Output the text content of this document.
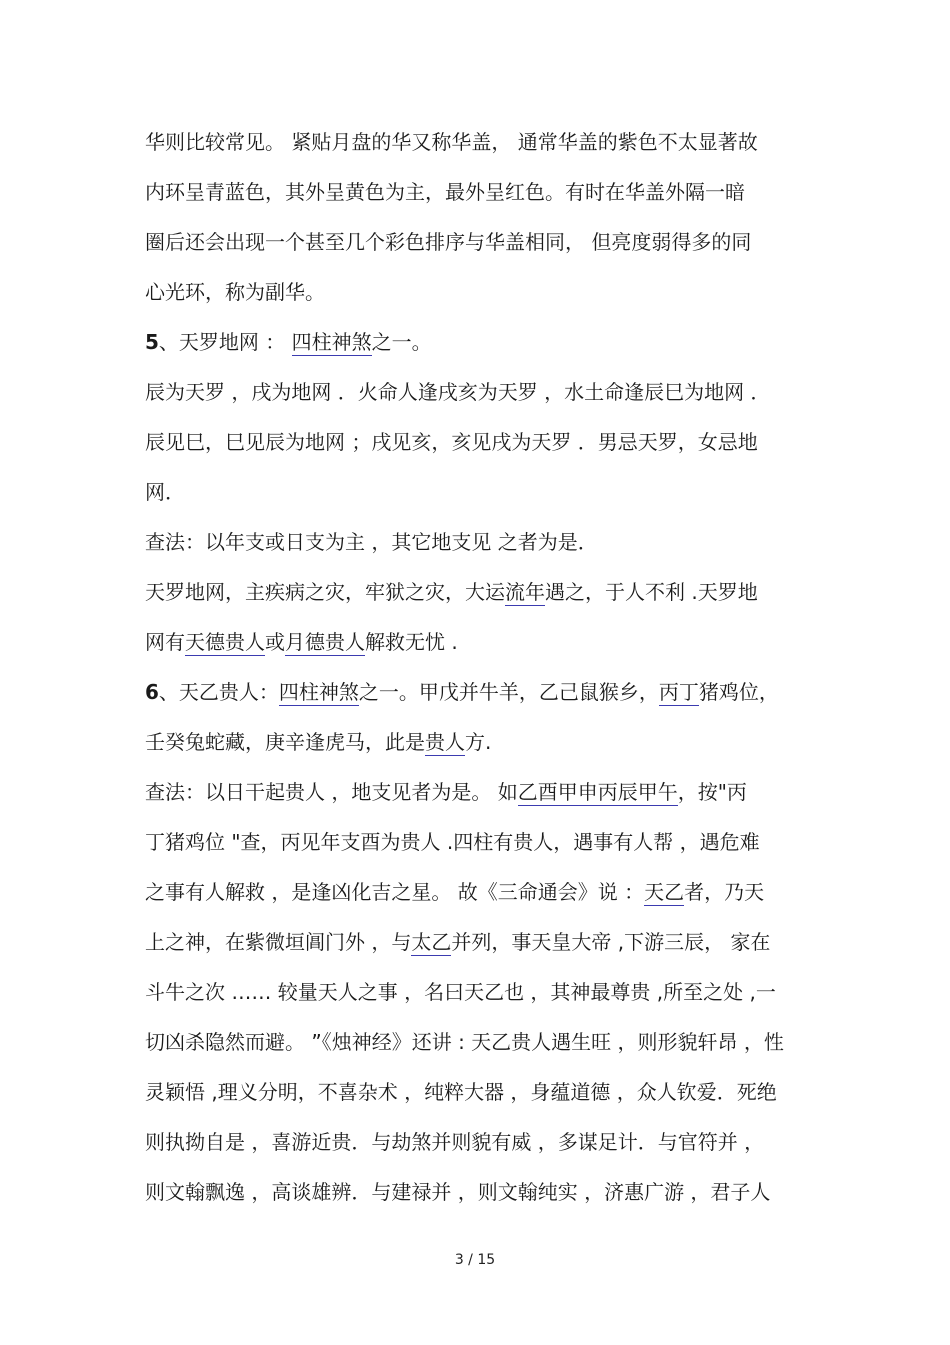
华则比较常见。 紧贴月盘的华又称华盖， 通常华盖的紫色不太显著故
内环呈青蓝色，其外呈黄色为主，最外呈红色。有时在华盖外隔一暗
圈后还会出现一个甚至几个彩色排序与华盖相同， 但亮度弱得多的同
心光环，称为副华。
5、天罗地网 ： 四柱神煞之一。
辰为天罗 ，戌为地网 ．火命人逢戌亥为天罗 ，水土命逢辰巳为地网 ．
辰见巳，巳见辰为地网 ；戌见亥，亥见戌为天罗 ．男忌天罗，女忌地
网．
查法：以年支或日支为主 ，其它地支见 之者为是．
天罗地网，主疾病之灾，牢狱之灾，大运流年遇之，于人不利 .天罗地
网有天德贵人或月德贵人解救无忧 .
6、天乙贵人：四柱神煞之一。甲戊并牛羊，乙己鼠猴乡，丙丁猪鸡位，
壬癸兔蛇藏，庚辛逢虎马，此是贵人方.
查法：以日干起贵人 ，地支见者为是。 如乙酉甲申丙辰甲午，按"丙
丁猪鸡位 "查，丙见年支酉为贵人 .四柱有贵人，遇事有人帮 ，遇危难
之事有人解救 ，是逢凶化吉之星。 故《三命通会》说 ：天乙者，乃天
上之神，在紫微垣阊门外 ，与太乙并列，事天皇大帝 ,下游三辰， 家在
斗牛之次 …… 较量天人之事 ，名曰天乙也 ，其神最尊贵 ,所至之处 ,一
切凶杀隐然而避。 ”《烛神经》还讲 : 天乙贵人遇生旺 ，则形貌轩昂 ，性
灵颖悟 ,理义分明，不喜杂术 ，纯粹大器 ，身蕴道德 ，众人钦爱．死绝
则执拗自是 ，喜游近贵．与劫煞并则貌有威 ，多谋足计．与官符并 ，
则文翰飘逸 ，高谈雄辨．与建禄并 ，则文翰纯实 ，济惠广游 ，君子人
3 / 15
